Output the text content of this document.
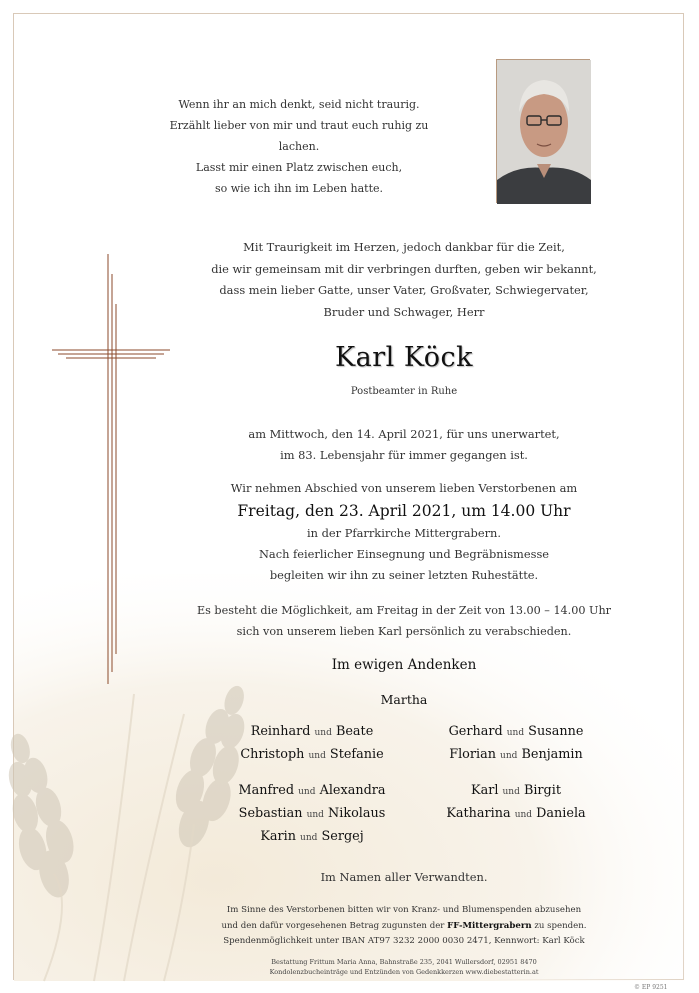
Wenn ihr an mich denkt, seid nicht traurig.
Erzählt lieber von mir und traut euch ruhig zu lachen.
Lasst mir einen Platz zwischen euch,
so wie ich ihn im Leben hatte.
Mit Traurigkeit im Herzen, jedoch dankbar für die Zeit,
die wir gemeinsam mit dir verbringen durften, geben wir bekannt,
dass mein lieber Gatte, unser Vater, Großvater, Schwiegervater,
Bruder und Schwager, Herr
Karl Köck
Postbeamter in Ruhe
am Mittwoch, den 14. April 2021, für uns unerwartet,
im 83. Lebensjahr für immer gegangen ist.
Wir nehmen Abschied von unserem lieben Verstorbenen am
Freitag, den 23. April 2021, um 14.00 Uhr
in der Pfarrkirche Mittergrabern.
Nach feierlicher Einsegnung und Begräbnismesse
begleiten wir ihn zu seiner letzten Ruhestätte.
Es besteht die Möglichkeit, am Freitag in der Zeit von 13.00 – 14.00 Uhr
sich von unserem lieben Karl persönlich zu verabschieden.
Im ewigen Andenken
Martha
Reinhard und Beate
Christoph und Stefanie
Gerhard und Susanne
Florian und Benjamin
Manfred und Alexandra
Sebastian und Nikolaus
Karin und Sergej
Karl und Birgit
Katharina und Daniela
Im Namen aller Verwandten.
Im Sinne des Verstorbenen bitten wir von Kranz- und Blumenspenden abzusehen
und den dafür vorgesehenen Betrag zugunsten der FF-Mittergrabern zu spenden.
Spendenmöglichkeit unter IBAN AT97 3232 2000 0030 2471, Kennwort: Karl Köck
Bestattung Frittum Maria Anna, Bahnstraße 235, 2041 Wullersdorf, 02951 8470
Kondolenzbucheinträge und Entzünden von Gedenkkerzen www.diebestatterin.at
© EP 9251
